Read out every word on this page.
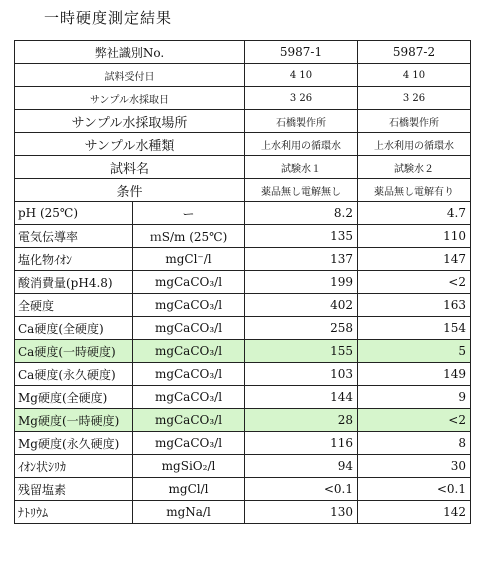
一時硬度測定結果
弊社識別No.		5987-1	5987-2
試料受付日		4 10	4 10
サンプル水採取日		3 26	3 26
サンプル水採取場所		石橋製作所	石橋製作所
サンプル水種類		上水利用の循環水	上水利用の循環水
試料名		試験水１	試験水２
条件		薬品無し電解無し	薬品無し電解有り
pH (25℃)	ー	8.2	4.7
電気伝導率	ｍS/m (25℃)	135	110
塩化物ｲｵﾝ	mgCl⁻/l	137	147
酸消費量(pH4.8)	mgCaCO₃/l	199	<2
全硬度	mgCaCO₃/l	402	163
Ca硬度(全硬度)	mgCaCO₃/l	258	154
Ca硬度(一時硬度)	mgCaCO₃/l	155	5
Ca硬度(永久硬度)	mgCaCO₃/l	103	149
Mg硬度(全硬度)	mgCaCO₃/l	144	9
Mg硬度(一時硬度)	mgCaCO₃/l	28	<2
Mg硬度(永久硬度)	mgCaCO₃/l	116	8
ｲｵﾝ状ｼﾘｶ	mgSiO₂/l	94	30
残留塩素	mgCl/l	<0.1	<0.1
ﾅﾄﾘｳﾑ	mgNa/l	130	142
